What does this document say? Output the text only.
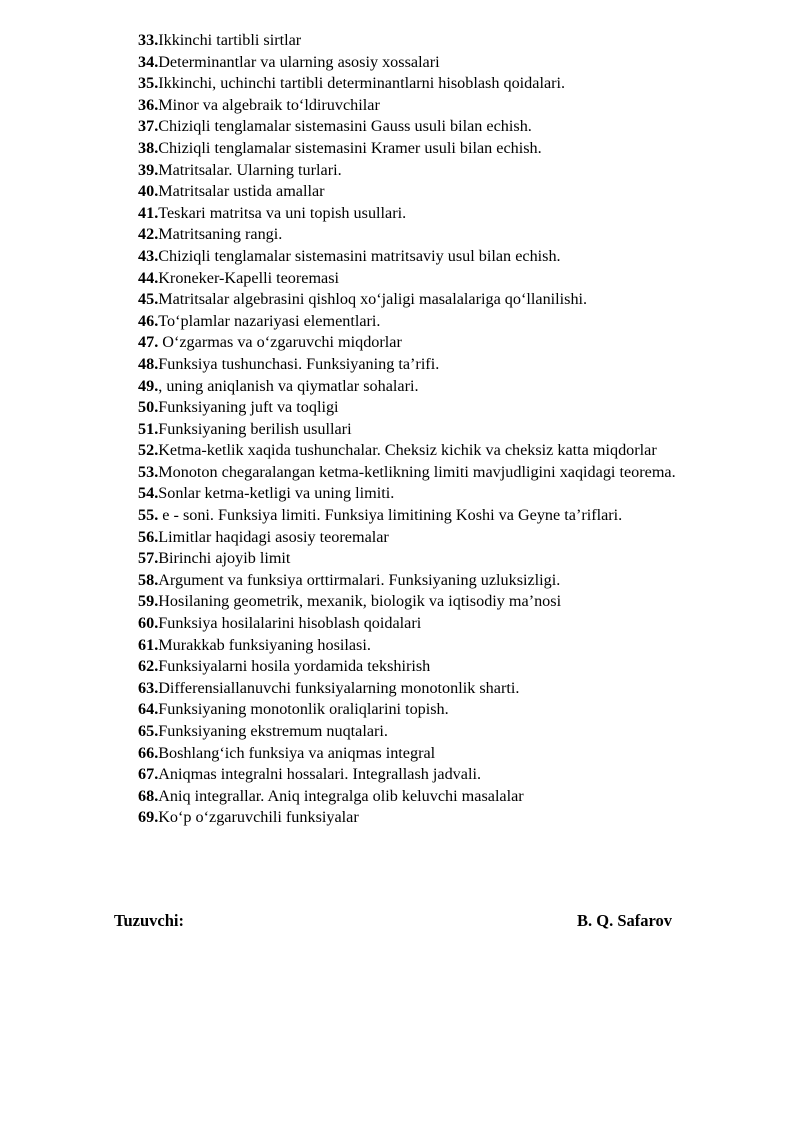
33. Ikkinchi tartibli sirtlar
34. Determinantlar va ularning asosiy xossalari
35. Ikkinchi, uchinchi tartibli determinantlarni hisoblash qoidalari.
36. Minor va algebraik to‘ldiruvchilar
37. Chiziqli tenglamalar sistemasini Gauss usuli bilan echish.
38. Chiziqli tenglamalar sistemasini Kramer usuli bilan echish.
39. Matritsalar. Ularning turlari.
40. Matritsalar ustida amallar
41. Teskari matritsa va uni topish usullari.
42. Matritsaning rangi.
43. Chiziqli tenglamalar sistemasini matritsaviy usul bilan echish.
44. Kroneker-Kapelli teoremasi
45. Matritsalar algebrasini qishloq xo‘jaligi masalalariga qo‘llanilishi.
46. To‘plamlar nazariyasi elementlari.
47. O‘zgarmas va o‘zgaruvchi miqdorlar
48. Funksiya tushunchasi. Funksiyaning ta’rifi.
49. , uning aniqlanish va qiymatlar sohalari.
50. Funksiyaning juft va toqligi
51. Funksiyaning berilish usullari
52. Ketma-ketlik xaqida tushunchalar. Cheksiz kichik va cheksiz katta miqdorlar
53. Monoton chegaralangan ketma-ketlikning limiti mavjudligini xaqidagi teorema.
54. Sonlar ketma-ketligi va uning limiti.
55. e - soni. Funksiya limiti. Funksiya limitining Koshi va Geyne ta’riflari.
56. Limitlar haqidagi asosiy teoremalar
57. Birinchi ajoyib limit
58. Argument va funksiya orttirmalari. Funksiyaning uzluksizligi.
59. Hosilaning geometrik, mexanik, biologik va iqtisodiy ma’nosi
60. Funksiya hosilalarini hisoblash qoidalari
61. Murakkab funksiyaning hosilasi.
62. Funksiyalarni hosila yordamida tekshirish
63. Differensiallanuvchi funksiyalarning monotonlik sharti.
64. Funksiyaning monotonlik oraliqlarini topish.
65. Funksiyaning ekstremum nuqtalari.
66. Boshlang‘ich funksiya va aniqmas integral
67. Aniqmas integralni hossalari. Integrallash jadvali.
68. Aniq integrallar. Aniq integralga olib keluvchi masalalar
69. Ko‘p o‘zgaruvchili funksiyalar
Tuzuvchi:	B. Q. Safarov
